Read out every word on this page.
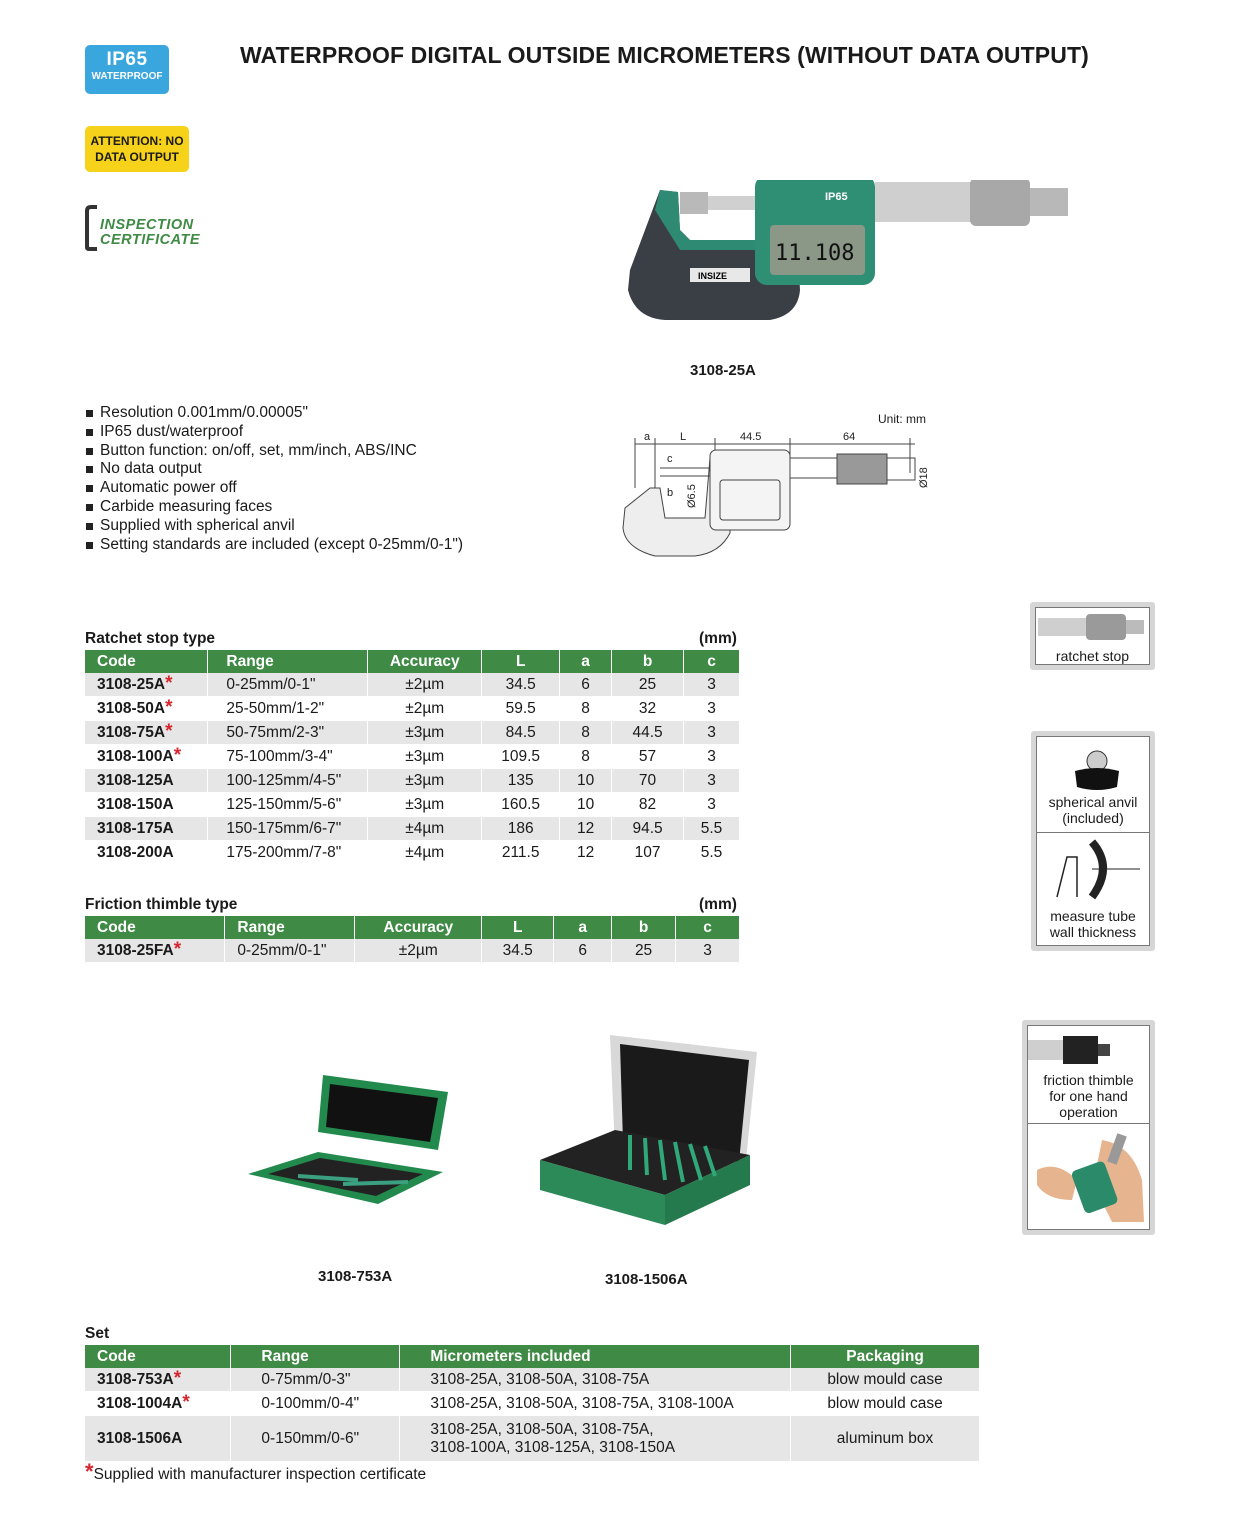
IP65
WATERPROOF
ATTENTION: NO DATA OUTPUT
INSPECTION
CERTIFICATE
WATERPROOF DIGITAL OUTSIDE MICROMETERS (WITHOUT DATA OUTPUT)
IP65
11.108
INSIZE
3108-25A
Resolution 0.001mm/0.00005"
IP65 dust/waterproof
Button function: on/off, set, mm/inch, ABS/INC
No data output
Automatic power off
Carbide measuring faces
Supplied with spherical anvil
Setting standards are included (except 0-25mm/0-1")
Unit: mm
a	L	44.5	64
c
b Ø6.5
Ø18
Ratchet stop type	(mm)
Code	Range	Accuracy	L	a	b	c
3108-25A*	0-25mm/0-1"	±2µm	34.5	6	25	3
3108-50A*	25-50mm/1-2"	±2µm	59.5	8	32	3
3108-75A*	50-75mm/2-3"	±3µm	84.5	8	44.5	3
3108-100A*	75-100mm/3-4"	±3µm	109.5	8	57	3
3108-125A	100-125mm/4-5"	±3µm	135	10	70	3
3108-150A	125-150mm/5-6"	±3µm	160.5	10	82	3
3108-175A	150-175mm/6-7"	±4µm	186	12	94.5	5.5
3108-200A	175-200mm/7-8"	±4µm	211.5	12	107	5.5
Friction thimble type	(mm)
Code	Range	Accuracy	L	a	b	c
3108-25FA*	0-25mm/0-1"	±2µm	34.5	6	25	3
3108-753A	3108-1506A
Set
Code	Range	Micrometers included	Packaging
3108-753A*	0-75mm/0-3"	3108-25A, 3108-50A, 3108-75A	blow mould case
3108-1004A*	0-100mm/0-4"	3108-25A, 3108-50A, 3108-75A, 3108-100A	blow mould case
3108-1506A	0-150mm/0-6"	3108-25A, 3108-50A, 3108-75A,
3108-100A, 3108-125A, 3108-150A	aluminum box
*Supplied with manufacturer inspection certificate
ratchet stop
spherical anvil
(included)
measure tube
wall thickness
friction thimble
for one hand
operation
